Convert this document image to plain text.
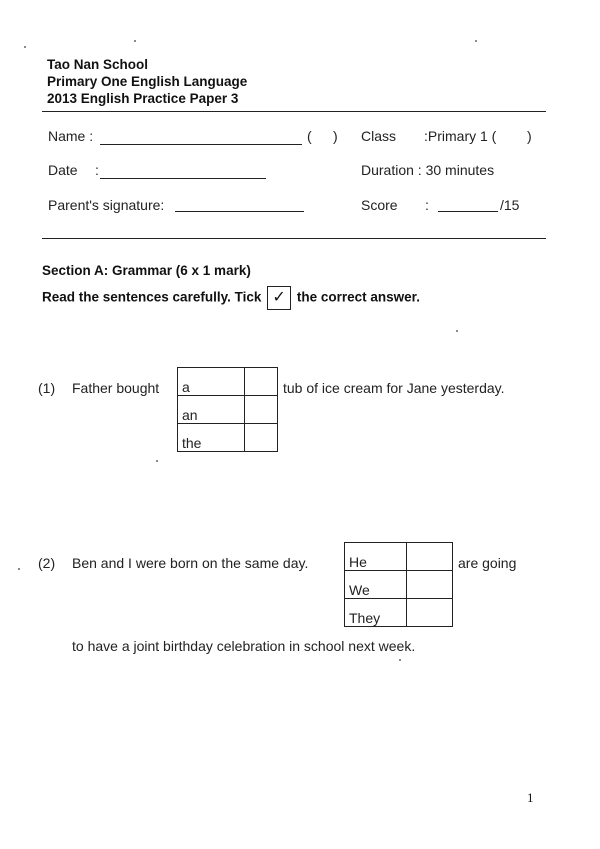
Tao Nan School
Primary One English Language
2013 English Practice Paper 3
Name :	( ) Class :Primary 1 ( )
Date :	Duration : 30 minutes
Parent's signature:	Score :	/15
Section A: Grammar (6 x 1 mark)
Read the sentences carefully. Tick ✓ the correct answer.
(1) Father bought a	
an	
the	
tub of ice cream for Jane yesterday.
(2) Ben and I were born on the same day.	He	
We	
They	
are going
to have a joint birthday celebration in school next week.
1
